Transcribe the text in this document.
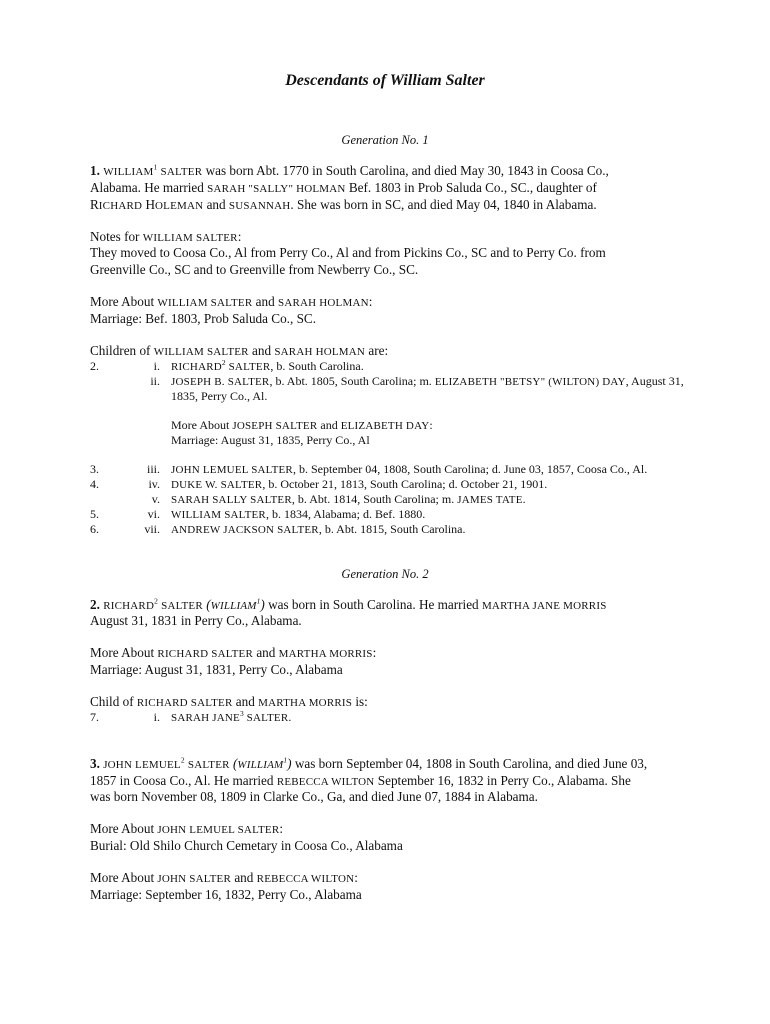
Descendants of William Salter
Generation No. 1
1. WILLIAM$^1$ SALTER was born Abt. 1770 in South Carolina, and died May 30, 1843 in Coosa Co.,
Alabama. He married SARAH "SALLY" HOLMAN Bef. 1803 in Prob Saluda Co., SC., daughter of
RICHARD HOLEMAN and SUSANNAH. She was born in SC, and died May 04, 1840 in Alabama.
Notes for WILLIAM SALTER:
They moved to Coosa Co., Al from Perry Co., Al and from Pickins Co., SC and to Perry Co. from
Greenville Co., SC and to Greenville from Newberry Co., SC.
More About WILLIAM SALTER and SARAH HOLMAN:
Marriage: Bef. 1803, Prob Saluda Co., SC.
Children of WILLIAM SALTER and SARAH HOLMAN are:
2.	i. RICHARD$^2$ SALTER, b. South Carolina.
ii. JOSEPH B. SALTER, b. Abt. 1805, South Carolina; m. ELIZABETH "BETSY" (WILTON) DAY, August 31,
1835, Perry Co., Al.
More About JOSEPH SALTER and ELIZABETH DAY:
Marriage: August 31, 1835, Perry Co., Al
3.	iii. JOHN LEMUEL SALTER, b. September 04, 1808, South Carolina; d. June 03, 1857, Coosa Co., Al.
4.	iv. DUKE W. SALTER, b. October 21, 1813, South Carolina; d. October 21, 1901.
v. SARAH SALLY SALTER, b. Abt. 1814, South Carolina; m. JAMES TATE.
5.	vi. WILLIAM SALTER, b. 1834, Alabama; d. Bef. 1880.
6.	vii. ANDREW JACKSON SALTER, b. Abt. 1815, South Carolina.
Generation No. 2
2. RICHARD$^2$ SALTER (WILLIAM$^1$) was born in South Carolina. He married MARTHA JANE MORRIS
August 31, 1831 in Perry Co., Alabama.
More About RICHARD SALTER and MARTHA MORRIS:
Marriage: August 31, 1831, Perry Co., Alabama
Child of RICHARD SALTER and MARTHA MORRIS is:
7.	i. SARAH JANE$^3$ SALTER.
3. JOHN LEMUEL$^2$ SALTER (WILLIAM$^1$) was born September 04, 1808 in South Carolina, and died June 03,
1857 in Coosa Co., Al. He married REBECCA WILTON September 16, 1832 in Perry Co., Alabama. She
was born November 08, 1809 in Clarke Co., Ga, and died June 07, 1884 in Alabama.
More About JOHN LEMUEL SALTER:
Burial: Old Shilo Church Cemetary in Coosa Co., Alabama
More About JOHN SALTER and REBECCA WILTON:
Marriage: September 16, 1832, Perry Co., Alabama
